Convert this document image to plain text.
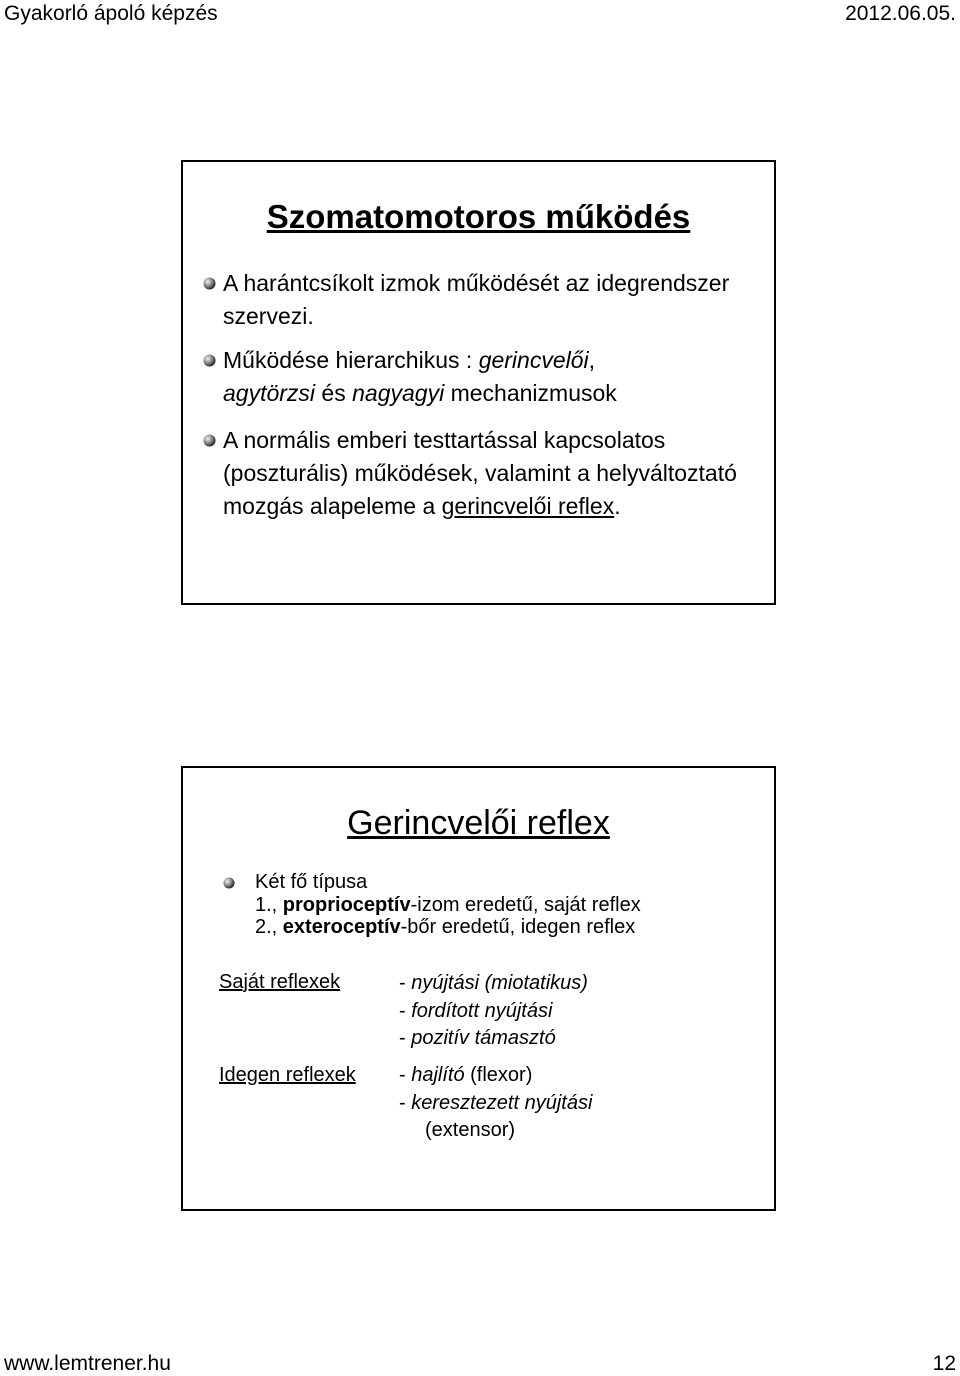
Gyakorló ápoló képzés	2012.06.05.
Szomatomotoros működés
A harántcsíkolt izmok működését az idegrendszer szervezi.
Működése hierarchikus : gerincvelői,
agytörzsi és nagyagyi mechanizmusok
A normális emberi testtartással kapcsolatos (poszturális) működések, valamint a helyváltoztató mozgás alapeleme a gerincvelői reflex.
Gerincvelői reflex
Két fő típusa
1., proprioceptív-izom eredetű, saját reflex
2., exteroceptív-bőr eredetű, idegen reflex
Saját reflexek	- nyújtási (miotatikus)
- fordított nyújtási
- pozitív támasztó
Idegen reflexek - hajlító (flexor)
- keresztezett nyújtási
(extensor)
www.lemtrener.hu	12
